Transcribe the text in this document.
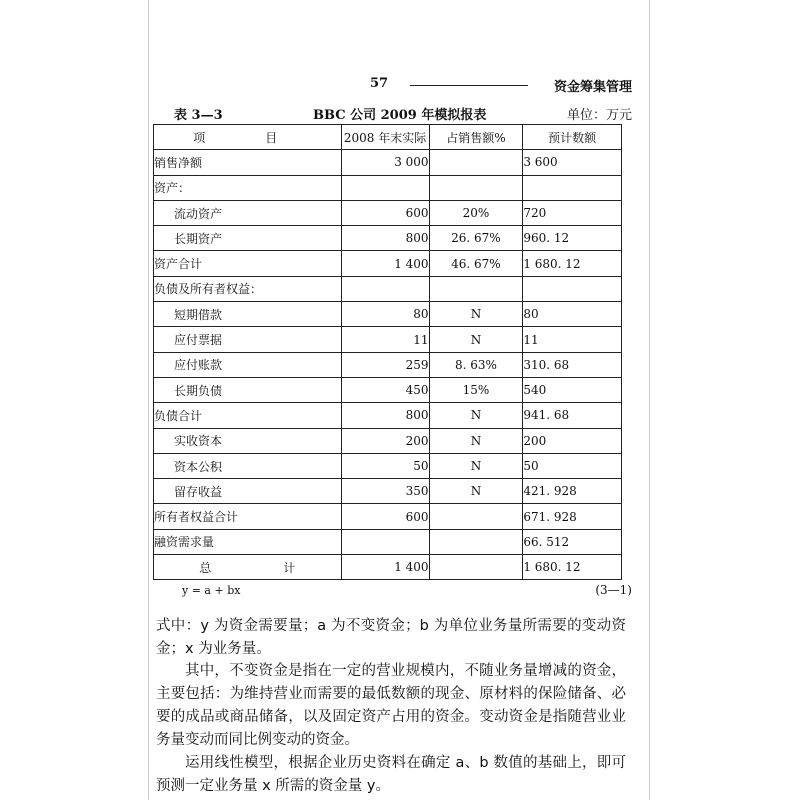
57	资金筹集管理
表 3—3	BBC 公司 2009 年模拟报表	单位：万元
项　目	2008 年末实际	占销售额%	预计数额
销售净额	3 000		3 600
资产：			
流动资产	600	20%	720
长期资产	800	26. 67%	960. 12
资产合计	1 400	46. 67%	1 680. 12
负债及所有者权益：			
短期借款	80	N	80
应付票据	11	N	11
应付账款	259	8. 63%	310. 68
长期负债	450	15%	540
负债合计	800	N	941. 68
实收资本	200	N	200
资本公积	50	N	50
留存收益	350	N	421. 928
所有者权益合计	600		671. 928
融资需求量			66. 512
总　计	1 400		1 680. 12
y = a + bx	(3—1)

式中：y 为资金需要量；a 为不变资金；b 为单位业务量所需要的变动资金；x 为业务量。

其中，不变资金是指在一定的营业规模内，不随业务量增减的资金，主要包括：为维持营业而需要的最低数额的现金、原材料的保险储备、必要的成品或商品储备，以及固定资产占用的资金。变动资金是指随营业业务量变动而同比例变动的资金。

运用线性模型，根据企业历史资料在确定 a、b 数值的基础上，即可预测一定业务量 x 所需的资金量 y。
